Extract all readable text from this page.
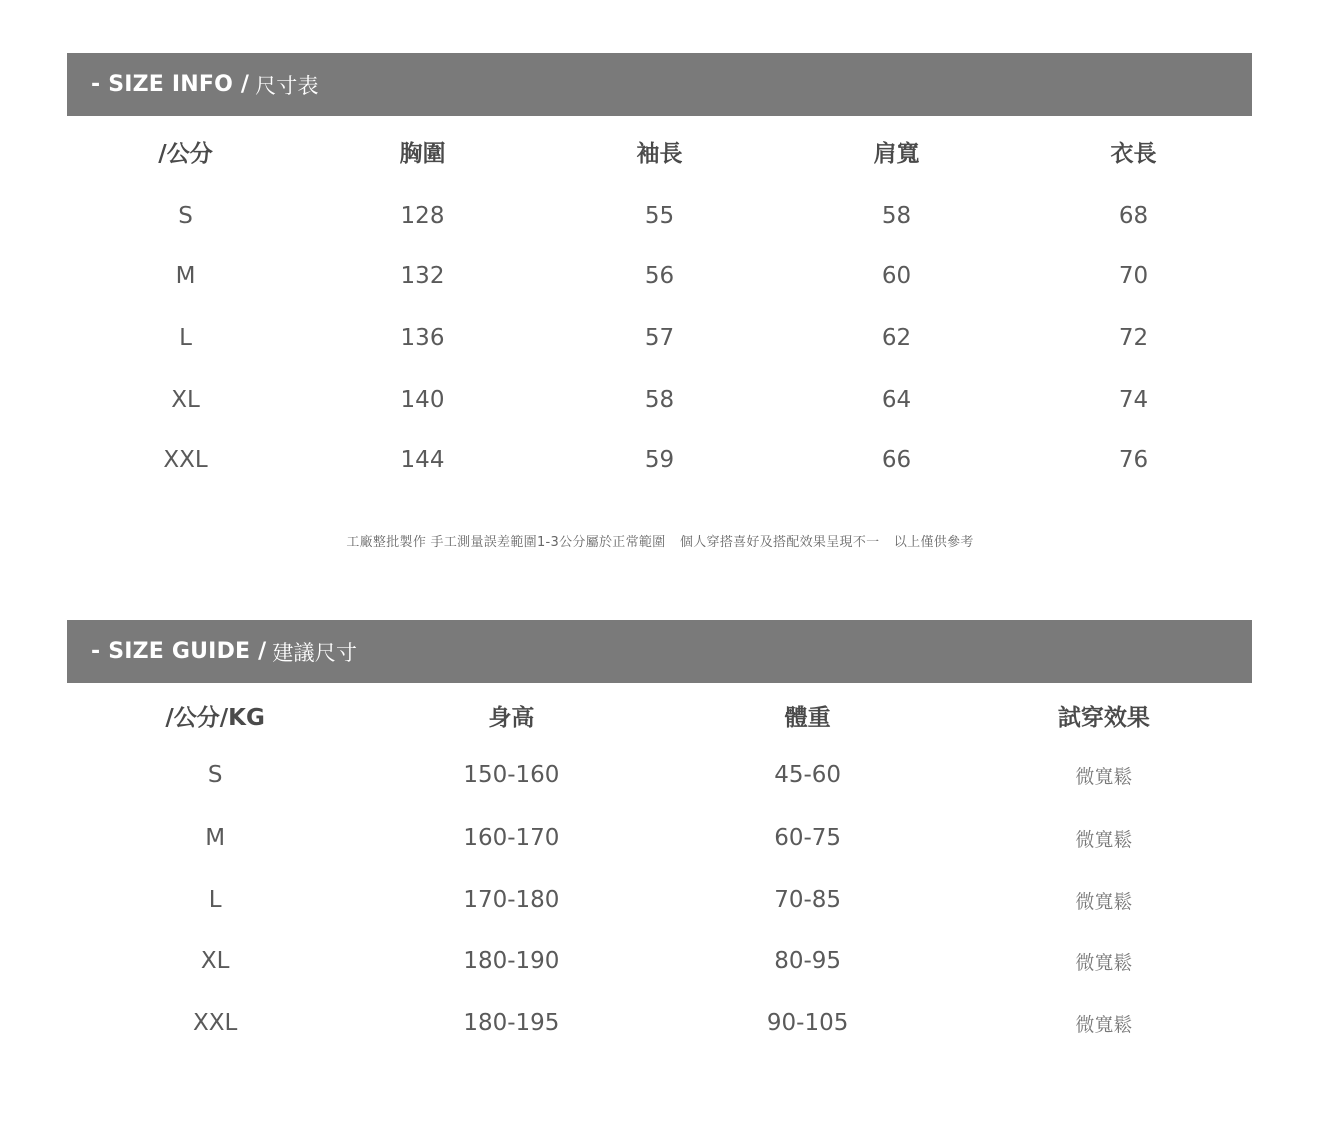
- SIZE INFO / 尺寸表
/公分	胸圍	袖長	肩寬	衣長
S	128	55	58	68
M	132	56	60	70
L	136	57	62	72
XL	140	58	64	74
XXL	144	59	66	76
工廠整批製作 手工測量誤差範圍1-3公分屬於正常範圍 個人穿搭喜好及搭配效果呈現不一 以上僅供參考
- SIZE GUIDE / 建議尺寸
/公分/KG	身高	體重	試穿效果
S	150-160	45-60	微寬鬆
M	160-170	60-75	微寬鬆
L	170-180	70-85	微寬鬆
XL	180-190	80-95	微寬鬆
XXL	180-195	90-105	微寬鬆
